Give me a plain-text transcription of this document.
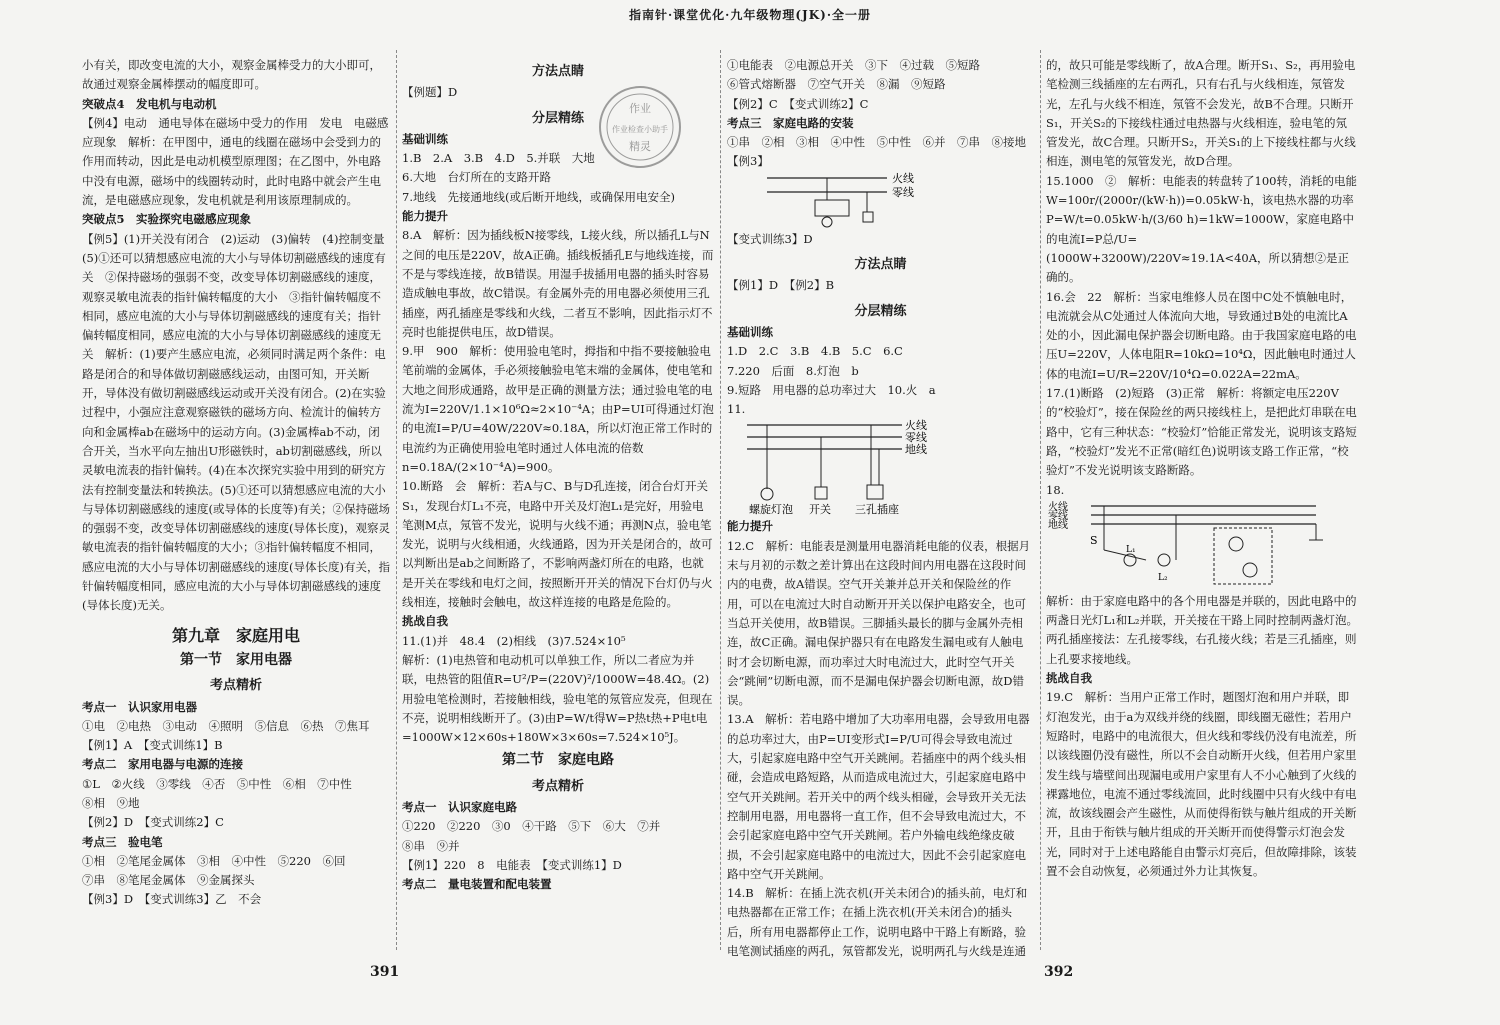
指南针·课堂优化·九年级物理(JK)·全一册

小有关，即改变电流的大小，观察金属棒受力的大小即可，故通过观察金属棒摆动的幅度即可。

突破点4　发电机与电动机

【例4】电动　通电导体在磁场中受力的作用　发电　电磁感应现象　解析：在甲图中，通电的线圈在磁场中会受到力的作用而转动，因此是电动机模型原理图；在乙图中，外电路中没有电源，磁场中的线圈转动时，此时电路中就会产生电流，是电磁感应现象，发电机就是利用该原理制成的。

突破点5　实验探究电磁感应现象

【例5】(1)开关没有闭合　(2)运动　(3)偏转　(4)控制变量　(5)①还可以猜想感应电流的大小与导体切割磁感线的速度有关　②保持磁场的强弱不变，改变导体切割磁感线的速度，观察灵敏电流表的指针偏转幅度的大小　③指针偏转幅度不相同，感应电流的大小与导体切割磁感线的速度有关；指针偏转幅度相同，感应电流的大小与导体切割磁感线的速度无关　解析：(1)要产生感应电流，必须同时满足两个条件：电路是闭合的和导体做切割磁感线运动，由图可知，开关断开，导体没有做切割磁感线运动或开关没有闭合。(2)在实验过程中，小强应注意观察磁铁的磁场方向、检流计的偏转方向和金属棒ab在磁场中的运动方向。(3)金属棒ab不动，闭合开关，当水平向左抽出U形磁铁时，ab切割磁感线，所以灵敏电流表的指针偏转。(4)在本次探究实验中用到的研究方法有控制变量法和转换法。(5)①还可以猜想感应电流的大小与导体切割磁感线的速度(或导体的长度等)有关；②保持磁场的强弱不变，改变导体切割磁感线的速度(导体长度)，观察灵敏电流表的指针偏转幅度的大小；③指针偏转幅度不相同，感应电流的大小与导体切割磁感线的速度(导体长度)有关，指针偏转幅度相同，感应电流的大小与导体切割磁感线的速度(导体长度)无关。

第九章　家庭用电
第一节　家用电器
考点精析

考点一　认识家用电器

①电　②电热　③电动　④照明　⑤信息　⑥热　⑦焦耳

【例1】A　【变式训练1】B

考点二　家用电器与电源的连接

①L　②火线　③零线　④否　⑤中性　⑥相　⑦中性

⑧相　⑨地

【例2】D　【变式训练2】C

考点三　验电笔

①相　②笔尾金属体　③相　④中性　⑤220　⑥回

⑦串　⑧笔尾金属体　⑨金属探头

【例3】D　【变式训练3】乙　不会

方法点睛

【例题】D

分层精练

基础训练

1.B　2.A　3.B　4.D　5.并联　大地

6.大地　台灯所在的支路开路

7.地线　先接通地线(或后断开地线，或确保用电安全)

能力提升

8.A　解析：因为插线板N接零线，L接火线，所以插孔L与N之间的电压是220V，故A正确。插线板插孔E与地线连接，而不是与零线连接，故B错误。用湿手拔插用电器的插头时容易造成触电事故，故C错误。有金属外壳的用电器必须使用三孔插座，两孔插座是零线和火线，二者互不影响，因此指示灯不亮时也能提供电压，故D错误。

9.甲　900　解析：使用验电笔时，拇指和中指不要接触验电笔前端的金属体，手必须接触验电笔末端的金属体，使电笔和大地之间形成通路，故甲是正确的测量方法；通过验电笔的电流为I=220V/1.1×10⁶Ω≈2×10⁻⁴A；由P=UI可得通过灯泡的电流I=P/U=40W/220V≈0.18A，所以灯泡正常工作时的电流约为正确使用验电笔时通过人体电流的倍数n=0.18A/(2×10⁻⁴A)=900。

10.断路　会　解析：若A与C、B与D孔连接，闭合台灯开关S₁，发现台灯L₁不亮，电路中开关及灯泡L₁是完好，用验电笔测M点，氖管不发光，说明与火线不通；再测N点，验电笔发光，说明与火线相通，火线通路，因为开关是闭合的，故可以判断出是ab之间断路了，不影响两盏灯所在的电路，也就是开关在零线和电灯之间，按照断开开关的情况下台灯仍与火线相连，接触时会触电，故这样连接的电路是危险的。

挑战自我

11.(1)并　48.4　(2)相线　(3)7.524×10⁵

解析：(1)电热管和电动机可以单独工作，所以二者应为并联，电热管的阻值R=U²/P=(220V)²/1000W=48.4Ω。(2)用验电笔检测时，若接触相线，验电笔的氖管应发亮，但现在不亮，说明相线断开了。(3)由P=W/t得W=P热t热+P电t电=1000W×12×60s+180W×3×60s=7.524×10⁵J。

第二节　家庭电路
考点精析

考点一　认识家庭电路

①220　②220　③0　④干路　⑤下　⑥大　⑦并

⑧串　⑨并

【例1】220　8　电能表　【变式训练1】D

考点二　量电装置和配电装置

作业
作业检查小助手
精灵

①电能表　②电源总开关　③下　④过载　⑤短路

⑥管式熔断器　⑦空气开关　⑧漏　⑨短路

【例2】C　【变式训练2】C

考点三　家庭电路的安装

①串　②相　③相　④中性　⑤中性　⑥并　⑦串　⑧接地

【例3】

火线
零线

【变式训练3】D

方法点睛

【例1】D　【例2】B

分层精练

基础训练

1.D　2.C　3.B　4.B　5.C　6.C

7.220　后面　8.灯泡　b

9.短路　用电器的总功率过大　10.火　a

11.

火线
零线
地线
螺旋灯泡 开关 三孔插座

能力提升

12.C　解析：电能表是测量用电器消耗电能的仪表，根据月末与月初的示数之差计算出在这段时间内用电器在这段时间内的电费，故A错误。空气开关兼并总开关和保险丝的作用，可以在电流过大时自动断开开关以保护电路安全，也可当总开关使用，故B错误。三脚插头最长的脚与金属外壳相连，故C正确。漏电保护器只有在电路发生漏电或有人触电时才会切断电源，而功率过大时电流过大，此时空气开关会“跳闸”切断电源，而不是漏电保护器会切断电源，故D错误。

13.A　解析：若电路中增加了大功率用电器，会导致用电器的总功率过大，由P=UI变形式I=P/U可得会导致电流过大，引起家庭电路中空气开关跳闸。若插座中的两个线头相碰，会造成电路短路，从而造成电流过大，引起家庭电路中空气开关跳闸。若开关中的两个线头相碰，会导致开关无法控制用电器，用电器将一直工作，但不会导致电流过大，不会引起家庭电路中空气开关跳闸。若户外输电线绝缘皮破损，不会引起家庭电路中的电流过大，因此不会引起家庭电路中空气开关跳闸。

14.B　解析：在插上洗衣机(开关未闭合)的插头前，电灯和电热器都在正常工作；在插上洗衣机(开关未闭合)的插头后，所有用电器都停止工作，说明电路中干路上有断路，验电笔测试插座的两孔，氖管都发光，说明两孔与火线是连通

的，故只可能是零线断了，故A合理。断开S₁、S₂，再用验电笔检测三线插座的左右两孔，只有右孔与火线相连，氖管发光，左孔与火线不相连，氖管不会发光，故B不合理。只断开S₁，开关S₂的下接线柱通过电热器与火线相连，验电笔的氖管发光，故C合理。只断开S₂，开关S₁的上下接线柱都与火线相连，测电笔的氖管发光，故D合理。

15.1000　②　解析：电能表的转盘转了100转，消耗的电能W=100r/(2000r/(kW·h))=0.05kW·h，该电热水器的功率P=W/t=0.05kW·h/(3/60 h)=1kW=1000W，家庭电路中的电流I=P总/U=(1000W+3200W)/220V≈19.1A<40A，所以猜想②是正确的。

16.会　22　解析：当家电维修人员在图中C处不慎触电时，电流就会从C处通过人体流向大地，导致通过B处的电流比A处的小，因此漏电保护器会切断电路。由于我国家庭电路的电压U=220V，人体电阻R=10kΩ=10⁴Ω，因此触电时通过人体的电流I=U/R=220V/10⁴Ω=0.022A=22mA。

17.(1)断路　(2)短路　(3)正常　解析：将额定电压220V的“校验灯”，接在保险丝的两只接线柱上，是把此灯串联在电路中，它有三种状态：“校验灯”恰能正常发光，说明该支路短路，“校验灯”发光不正常(暗红色)说明该支路工作正常，“校验灯”不发光说明该支路断路。

18.

火线
零线
地线
S
L₁
L₂

解析：由于家庭电路中的各个用电器是并联的，因此电路中的两盏日光灯L₁和L₂并联，开关接在干路上同时控制两盏灯泡。两孔插座接法：左孔接零线，右孔接火线；若是三孔插座，则上孔要求接地线。

挑战自我

19.C　解析：当用户正常工作时，题图灯泡和用户并联，即灯泡发光，由于a为双线并绕的线圈，即线圈无磁性；若用户短路时，电路中的电流很大，但火线和零线仍没有电流差，所以该线圈仍没有磁性，所以不会自动断开火线，但若用户家里发生线与墙壁间出现漏电或用户家里有人不小心触到了火线的裸露地位，电流不通过零线流回，此时线圈中只有火线中有电流，故该线圈会产生磁性，从而使得衔铁与触片组成的开关断开，且由于衔铁与触片组成的开关断开而使得警示灯泡会发光，同时对于上述电路能自由警示灯亮后，但故障排除，该装置不会自动恢复，必须通过外力让其恢复。

391	392
